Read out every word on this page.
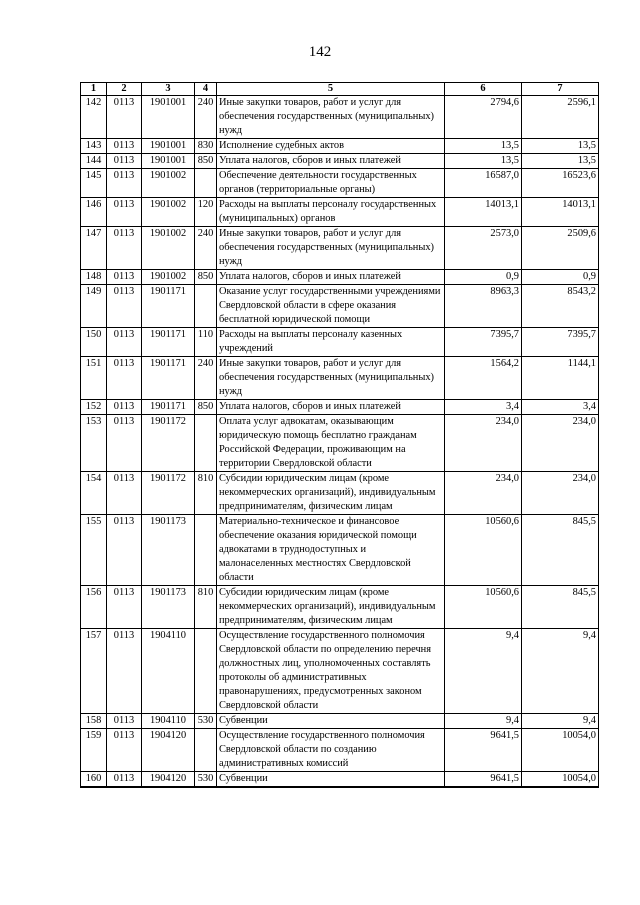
142
1	2	3	4	5	6	7
142	0113	1901001	240	Иные закупки товаров, работ и услуг для обеспечения государственных (муниципальных) нужд	2794,6	2596,1
143	0113	1901001	830	Исполнение судебных актов	13,5	13,5
144	0113	1901001	850	Уплата налогов, сборов и иных платежей	13,5	13,5
145	0113	1901002		Обеспечение деятельности государственных органов (территориальные органы)	16587,0	16523,6
146	0113	1901002	120	Расходы на выплаты персоналу государственных (муниципальных) органов	14013,1	14013,1
147	0113	1901002	240	Иные закупки товаров, работ и услуг для обеспечения государственных (муниципальных) нужд	2573,0	2509,6
148	0113	1901002	850	Уплата налогов, сборов и иных платежей	0,9	0,9
149	0113	1901171		Оказание услуг государственными учреждениями Свердловской области в сфере оказания бесплатной юридической помощи	8963,3	8543,2
150	0113	1901171	110	Расходы на выплаты персоналу казенных учреждений	7395,7	7395,7
151	0113	1901171	240	Иные закупки товаров, работ и услуг для обеспечения государственных (муниципальных) нужд	1564,2	1144,1
152	0113	1901171	850	Уплата налогов, сборов и иных платежей	3,4	3,4
153	0113	1901172		Оплата услуг адвокатам, оказывающим юридическую помощь бесплатно гражданам Российской Федерации, проживающим на территории Свердловской области	234,0	234,0
154	0113	1901172	810	Субсидии юридическим лицам (кроме некоммерческих организаций), индивидуальным предпринимателям, физическим лицам	234,0	234,0
155	0113	1901173		Материально-техническое и финансовое обеспечение оказания юридической помощи адвокатами в труднодоступных и малонаселенных местностях Свердловской области	10560,6	845,5
156	0113	1901173	810	Субсидии юридическим лицам (кроме некоммерческих организаций), индивидуальным предпринимателям, физическим лицам	10560,6	845,5
157	0113	1904110		Осуществление государственного полномочия Свердловской области по определению перечня должностных лиц, уполномоченных составлять протоколы об административных правонарушениях, предусмотренных законом Свердловской области	9,4	9,4
158	0113	1904110	530	Субвенции	9,4	9,4
159	0113	1904120		Осуществление государственного полномочия Свердловской области по созданию административных комиссий	9641,5	10054,0
160	0113	1904120	530	Субвенции	9641,5	10054,0
